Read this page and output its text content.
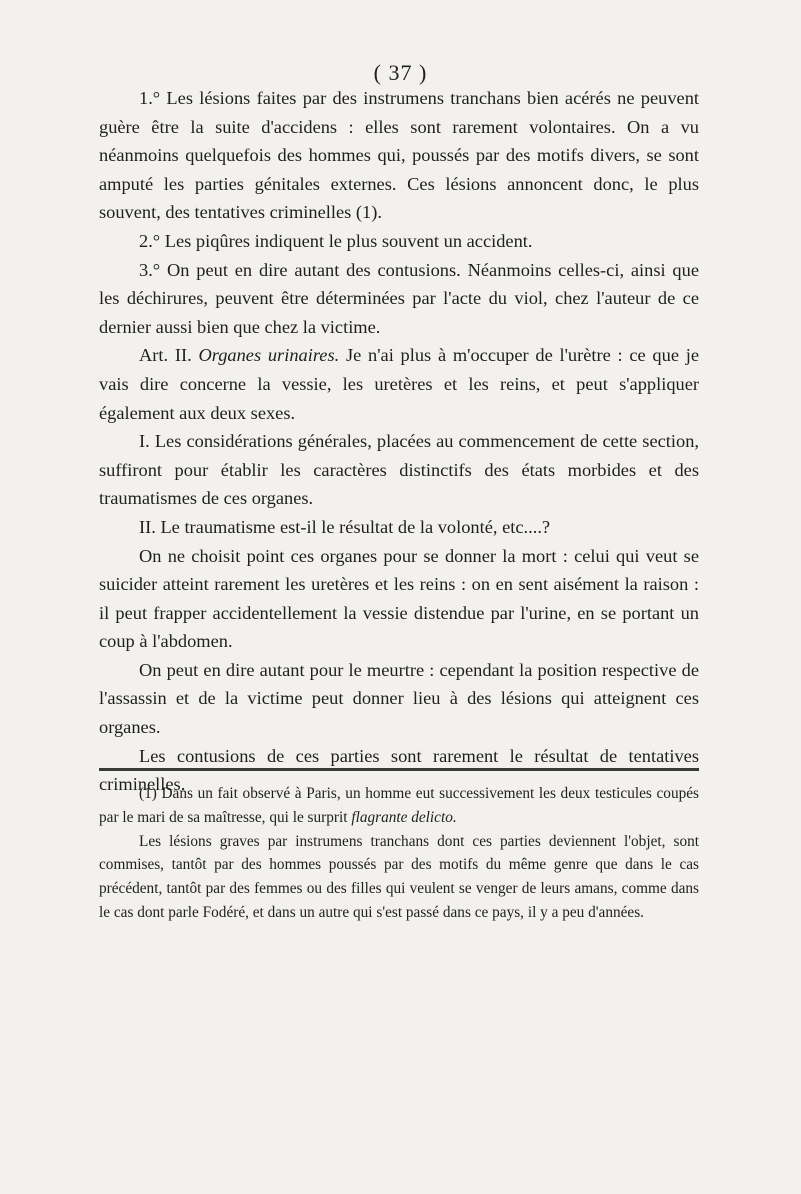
( 37 )

1.° Les lésions faites par des instrumens tranchans bien acérés ne peuvent guère être la suite d'accidens : elles sont rarement volontaires. On a vu néanmoins quelquefois des hommes qui, poussés par des motifs divers, se sont amputé les parties génitales externes. Ces lésions annoncent donc, le plus souvent, des tentatives criminelles (1).

2.° Les piqûres indiquent le plus souvent un accident.

3.° On peut en dire autant des contusions. Néanmoins celles-ci, ainsi que les déchirures, peuvent être déterminées par l'acte du viol, chez l'auteur de ce dernier aussi bien que chez la victime.

Art. II. Organes urinaires. Je n'ai plus à m'occuper de l'urètre : ce que je vais dire concerne la vessie, les uretères et les reins, et peut s'appliquer également aux deux sexes.

I. Les considérations générales, placées au commencement de cette section, suffiront pour établir les caractères distinctifs des états morbides et des traumatismes de ces organes.

II. Le traumatisme est-il le résultat de la volonté, etc....?

On ne choisit point ces organes pour se donner la mort : celui qui veut se suicider atteint rarement les uretères et les reins : on en sent aisément la raison : il peut frapper accidentellement la vessie distendue par l'urine, en se portant un coup à l'abdomen.

On peut en dire autant pour le meurtre : cependant la position respective de l'assassin et de la victime peut donner lieu à des lésions qui atteignent ces organes.

Les contusions de ces parties sont rarement le résultat de tentatives criminelles.

(1) Dans un fait observé à Paris, un homme eut successivement les deux testicules coupés par le mari de sa maîtresse, qui le surprit flagrante delicto.

Les lésions graves par instrumens tranchans dont ces parties deviennent l'objet, sont commises, tantôt par des hommes poussés par des motifs du même genre que dans le cas précédent, tantôt par des femmes ou des filles qui veulent se venger de leurs amans, comme dans le cas dont parle Fodéré, et dans un autre qui s'est passé dans ce pays, il y a peu d'années.
